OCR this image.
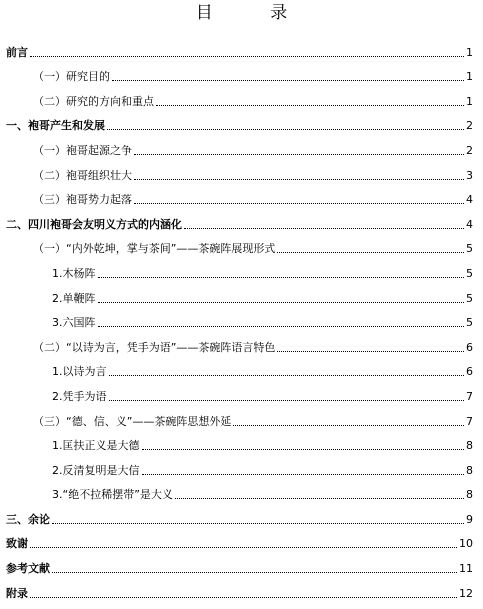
目 录
前言	1
（一）研究目的	1
（二）研究的方向和重点	1
一、袍哥产生和发展	2
（一）袍哥起源之争	2
（二）袍哥组织壮大	3
（三）袍哥势力起落	4
二、四川袍哥会友明义方式的内涵化	4
（一）“内外乾坤，掌与茶间”——茶碗阵展现形式	5
1.木杨阵	5
2.单鞭阵	5
3.六国阵	5
（二）“以诗为言，凭手为语”——茶碗阵语言特色	6
1.以诗为言	6
2.凭手为语	7
（三）“德、信、义”——茶碗阵思想外延	7
1.匡扶正义是大德	8
2.反清复明是大信	8
3.“绝不拉稀摆带”是大义	8
三、余论	9
致谢	10
参考文献	11
附录	12
